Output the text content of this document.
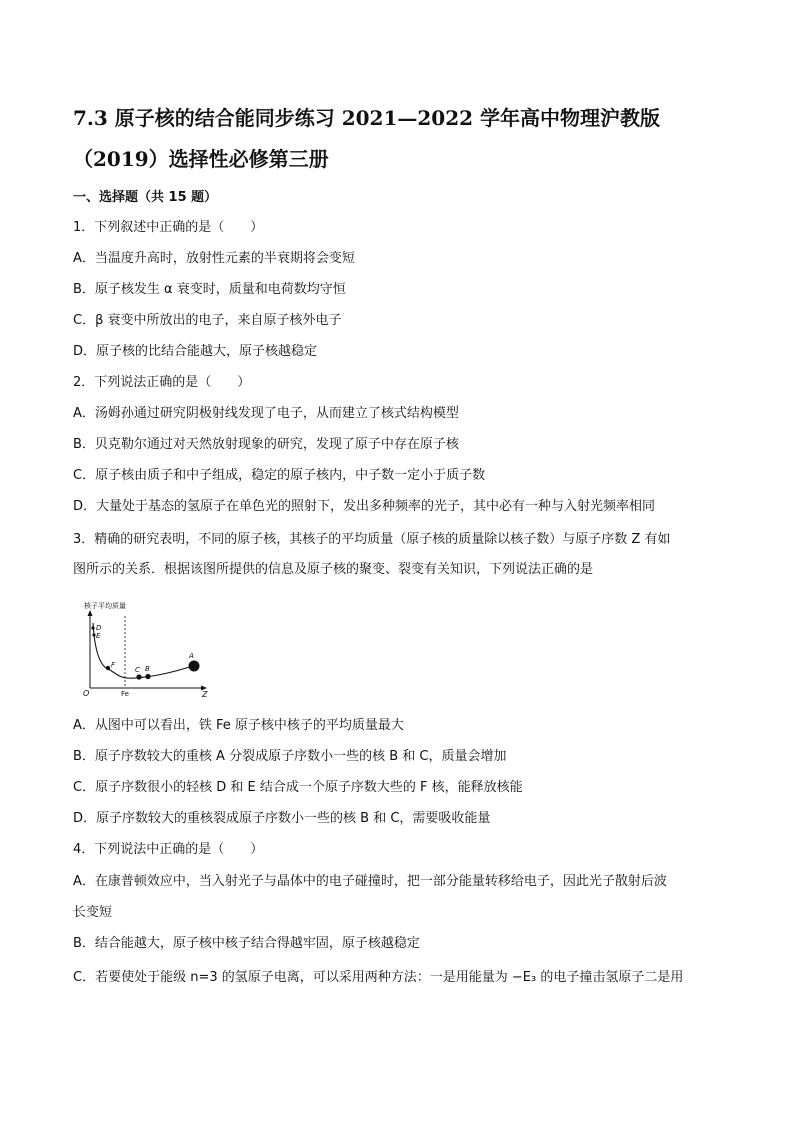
7.3 原子核的结合能同步练习 2021—2022 学年高中物理沪教版
（2019）选择性必修第三册
一、选择题（共 15 题）
1．下列叙述中正确的是（　　）
A．当温度升高时，放射性元素的半衰期将会变短
B．原子核发生 α 衰变时，质量和电荷数均守恒
C．β 衰变中所放出的电子，来自原子核外电子
D．原子核的比结合能越大，原子核越稳定
2．下列说法正确的是（　　）
A．汤姆孙通过研究阴极射线发现了电子，从而建立了核式结构模型
B．贝克勒尔通过对天然放射现象的研究，发现了原子中存在原子核
C．原子核由质子和中子组成，稳定的原子核内，中子数一定小于质子数
D．大量处于基态的氢原子在单色光的照射下，发出多种频率的光子，其中必有一种与入射光频率相同
3．精确的研究表明，不同的原子核，其核子的平均质量（原子核的质量除以核子数）与原子序数 Z 有如
图所示的关系．根据该图所提供的信息及原子核的聚变、裂变有关知识，下列说法正确的是
核子平均质量
D
E
F
C B
A
O	Fe	Z
A．从图中可以看出，铁 Fe 原子核中核子的平均质量最大
B．原子序数较大的重核 A 分裂成原子序数小一些的核 B 和 C，质量会增加
C．原子序数很小的轻核 D 和 E 结合成一个原子序数大些的 F 核，能释放核能
D．原子序数较大的重核裂成原子序数小一些的核 B 和 C，需要吸收能量
4．下列说法中正确的是（　　）
A．在康普顿效应中，当入射光子与晶体中的电子碰撞时，把一部分能量转移给电子，因此光子散射后波
长变短
B．结合能越大，原子核中核子结合得越牢固，原子核越稳定
C．若要使处于能级 n=3 的氢原子电离，可以采用两种方法：一是用能量为 −E₃ 的电子撞击氢原子二是用
